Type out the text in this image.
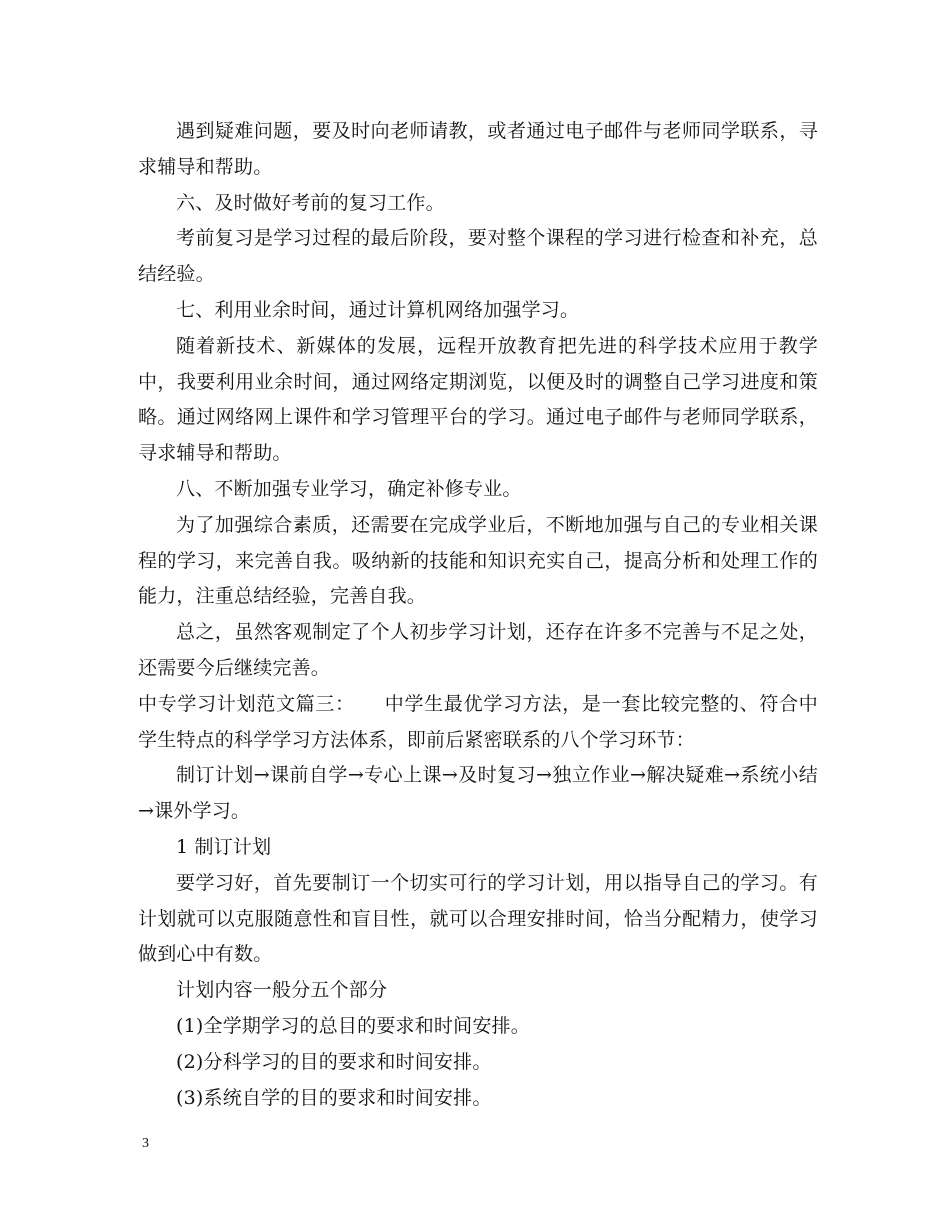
遇到疑难问题，要及时向老师请教，或者通过电子邮件与老师同学联系，寻求辅导和帮助。

六、及时做好考前的复习工作。

考前复习是学习过程的最后阶段，要对整个课程的学习进行检查和补充，总结经验。

七、利用业余时间，通过计算机网络加强学习。

随着新技术、新媒体的发展，远程开放教育把先进的科学技术应用于教学中，我要利用业余时间，通过网络定期浏览，以便及时的调整自己学习进度和策略。通过网络网上课件和学习管理平台的学习。通过电子邮件与老师同学联系，寻求辅导和帮助。

八、不断加强专业学习，确定补修专业。

为了加强综合素质，还需要在完成学业后，不断地加强与自己的专业相关课程的学习，来完善自我。吸纳新的技能和知识充实自己，提高分析和处理工作的能力，注重总结经验，完善自我。

总之，虽然客观制定了个人初步学习计划，还存在许多不完善与不足之处，还需要今后继续完善。

中专学习计划范文篇三：　　中学生最优学习方法，是一套比较完整的、符合中学生特点的科学学习方法体系，即前后紧密联系的八个学习环节：

制订计划→课前自学→专心上课→及时复习→独立作业→解决疑难→系统小结→课外学习。

1 制订计划

要学习好，首先要制订一个切实可行的学习计划，用以指导自己的学习。有计划就可以克服随意性和盲目性，就可以合理安排时间，恰当分配精力，使学习做到心中有数。

计划内容一般分五个部分

(1)全学期学习的总目的要求和时间安排。

(2)分科学习的目的要求和时间安排。

(3)系统自学的目的要求和时间安排。

3
